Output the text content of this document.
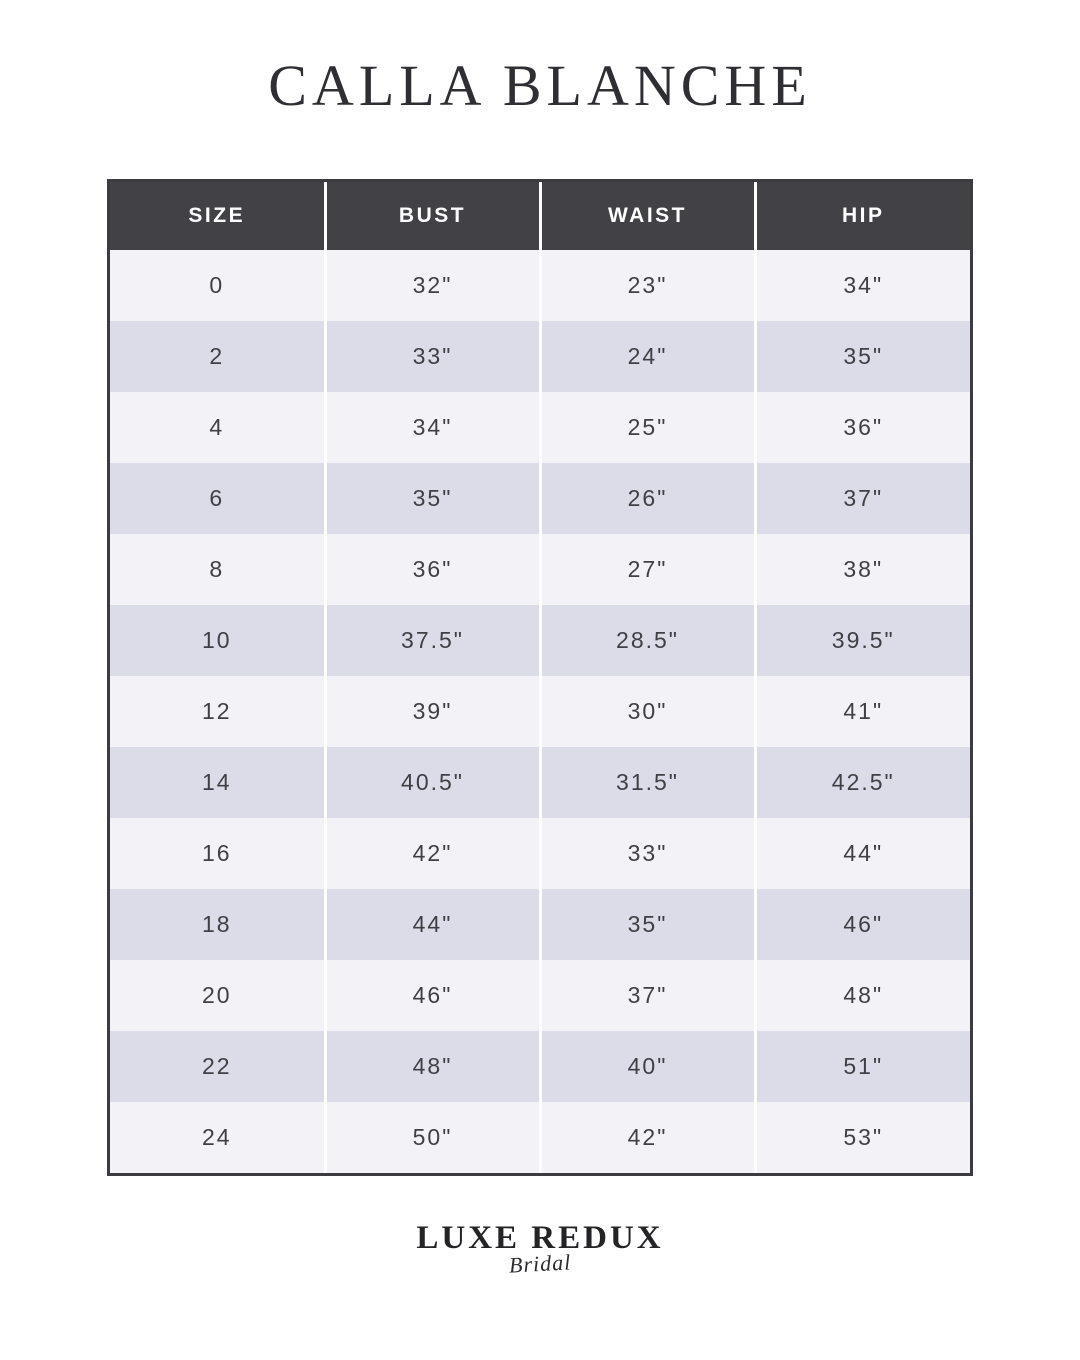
CALLA BLANCHE
SIZE	BUST	WAIST	HIP
0	32"	23"	34"
2	33"	24"	35"
4	34"	25"	36"
6	35"	26"	37"
8	36"	27"	38"
10	37.5"	28.5"	39.5"
12	39"	30"	41"
14	40.5"	31.5"	42.5"
16	42"	33"	44"
18	44"	35"	46"
20	46"	37"	48"
22	48"	40"	51"
24	50"	42"	53"
LUXE REDUX
Bridal
